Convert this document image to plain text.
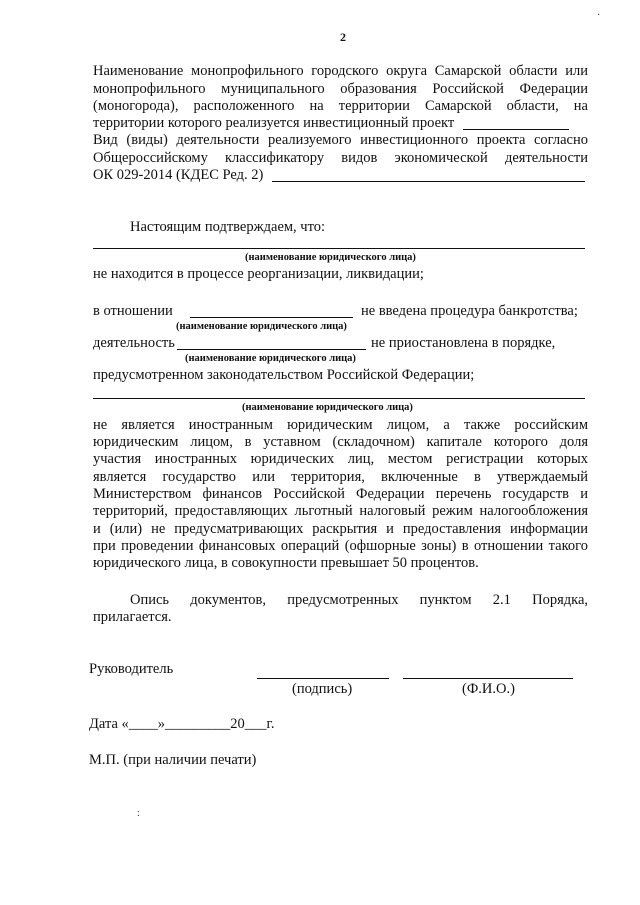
2
·
Наименование монопрофильного городского округа Самарской области или
монопрофильного муниципального образования Российской Федерации
(моногорода), расположенного на территории Самарской области, на
территории которого реализуется инвестиционный проект
Вид (виды) деятельности реализуемого инвестиционного проекта согласно
Общероссийскому классификатору видов экономической деятельности
ОК 029-2014 (КДЕС Ред. 2)
Настоящим подтверждаем, что:
(наименование юридического лица)
не находится в процессе реорганизации, ликвидации;
в отношении	не введена процедура банкротства;
(наименование юридического лица)
деятельность	не приостановлена в порядке,
(наименование юридического лица)
предусмотренном законодательством Российской Федерации;
(наименование юридического лица)
не является иностранным юридическим лицом, а также российским
юридическим лицом, в уставном (складочном) капитале которого доля
участия иностранных юридических лиц, местом регистрации которых
является государство или территория, включенные в утверждаемый
Министерством финансов Российской Федерации перечень государств и
территорий, предоставляющих льготный налоговый режим налогообложения
и (или) не предусматривающих раскрытия и предоставления информации
при проведении финансовых операций (офшорные зоны) в отношении такого
юридического лица, в совокупности превышает 50 процентов.
Опись документов, предусмотренных пунктом 2.1 Порядка,
прилагается.
Руководитель
(подпись)	(Ф.И.О.)
Дата «____»_________20___г.
М.П. (при наличии печати)
:
